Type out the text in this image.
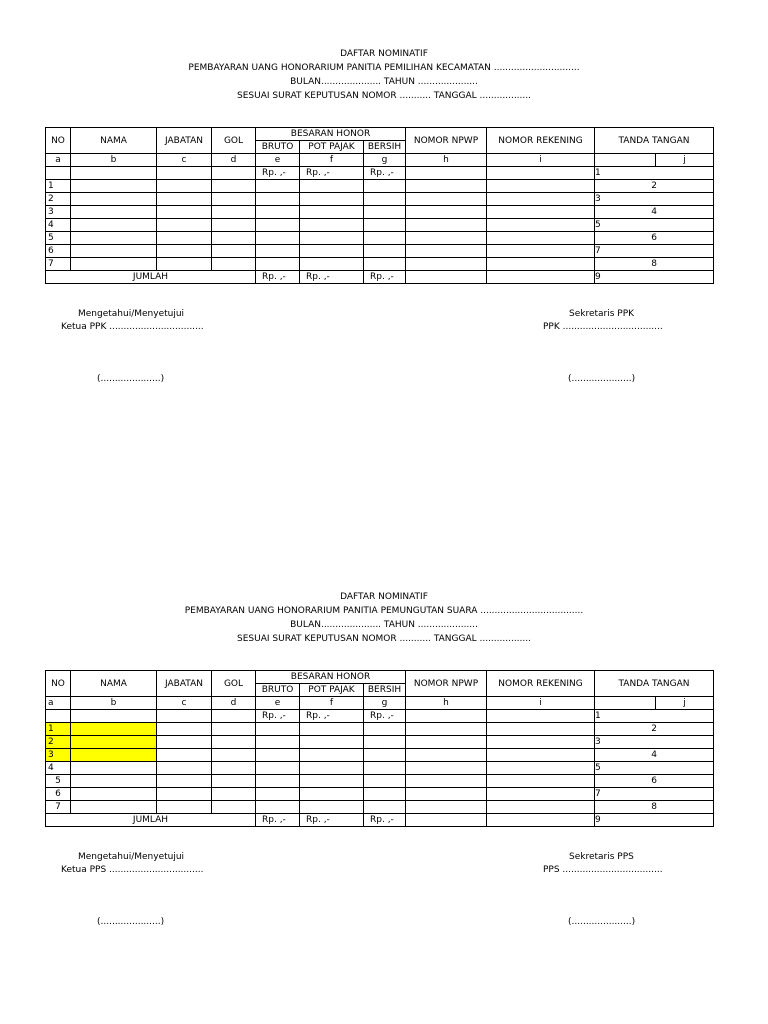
DAFTAR NOMINATIF
PEMBAYARAN UANG HONORARIUM PANITIA PEMILIHAN KECAMATAN ..............................
BULAN..................... TAHUN .....................
SESUAI SURAT KEPUTUSAN NOMOR ........... TANGGAL ..................
NO	NAMA	JABATAN	GOL	BESARAN HONOR			NOMOR NPWP	NOMOR REKENING	TANDA TANGAN	
				BRUTO	POT PAJAK	BERSIH				
a	b	c	d	e	f	g	h	i		j
				Rp. ,-	Rp. ,-	Rp. ,-			1	

1									2	
2									3	

3									4	
4									5	

5									6	
6									7	

7									8	
JUMLAH				Rp. ,-	Rp. ,-	Rp. ,-			9	
Mengetahui/Menyetujui
Ketua PPK .................................
(.....................)
Sekretaris PPK
PPK ...................................
(.....................)
DAFTAR NOMINATIF
PEMBAYARAN UANG HONORARIUM PANITIA PEMUNGUTAN SUARA ....................................
BULAN..................... TAHUN .....................
SESUAI SURAT KEPUTUSAN NOMOR ........... TANGGAL ..................
NO	NAMA	JABATAN	GOL	BESARAN HONOR			NOMOR NPWP	NOMOR REKENING	TANDA TANGAN	
				BRUTO	POT PAJAK	BERSIH				
a	b	c	d	e	f	g	h	i		j
				Rp. ,-	Rp. ,-	Rp. ,-			1	

1									2	
2									3	

3									4	
4									5	

5									6	
6									7	

7									8	
JUMLAH				Rp. ,-	Rp. ,-	Rp. ,-			9	
Mengetahui/Menyetujui
Ketua PPS .................................
(.....................)
Sekretaris PPS
PPS ...................................
(.....................)
